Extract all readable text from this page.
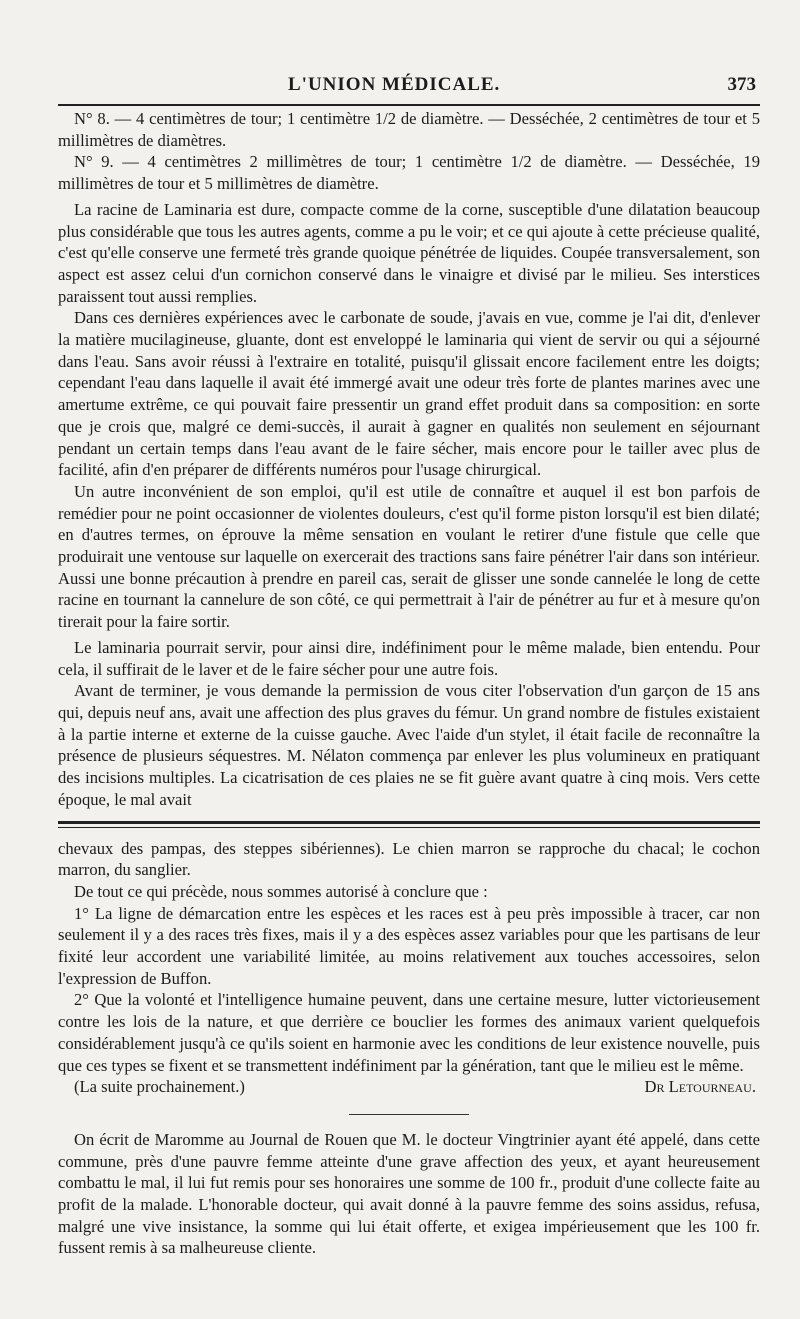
L'UNION MÉDICALE.	373

N° 8. — 4 centimètres de tour; 1 centimètre 1/2 de diamètre. — Desséchée, 2 centimètres de tour et 5 millimètres de diamètres.

N° 9. — 4 centimètres 2 millimètres de tour; 1 centimètre 1/2 de diamètre. — Desséchée, 19 millimètres de tour et 5 millimètres de diamètre.

La racine de Laminaria est dure, compacte comme de la corne, susceptible d'une dilatation beaucoup plus considérable que tous les autres agents, comme a pu le voir; et ce qui ajoute à cette précieuse qualité, c'est qu'elle conserve une fermeté très grande quoique pénétrée de liquides. Coupée transversalement, son aspect est assez celui d'un cornichon conservé dans le vinaigre et divisé par le milieu. Ses interstices paraissent tout aussi remplies.

Dans ces dernières expériences avec le carbonate de soude, j'avais en vue, comme je l'ai dit, d'enlever la matière mucilagineuse, gluante, dont est enveloppé le laminaria qui vient de servir ou qui a séjourné dans l'eau. Sans avoir réussi à l'extraire en totalité, puisqu'il glissait encore facilement entre les doigts; cependant l'eau dans laquelle il avait été immergé avait une odeur très forte de plantes marines avec une amertume extrême, ce qui pouvait faire pressentir un grand effet produit dans sa composition: en sorte que je crois que, malgré ce demi-succès, il aurait à gagner en qualités non seulement en séjournant pendant un certain temps dans l'eau avant de le faire sécher, mais encore pour le tailler avec plus de facilité, afin d'en préparer de différents numéros pour l'usage chirurgical.

Un autre inconvénient de son emploi, qu'il est utile de connaître et auquel il est bon parfois de remédier pour ne point occasionner de violentes douleurs, c'est qu'il forme piston lorsqu'il est bien dilaté; en d'autres termes, on éprouve la même sensation en voulant le retirer d'une fistule que celle que produirait une ventouse sur laquelle on exercerait des tractions sans faire pénétrer l'air dans son intérieur. Aussi une bonne précaution à prendre en pareil cas, serait de glisser une sonde cannelée le long de cette racine en tournant la cannelure de son côté, ce qui permettrait à l'air de pénétrer au fur et à mesure qu'on tirerait pour la faire sortir.

Le laminaria pourrait servir, pour ainsi dire, indéfiniment pour le même malade, bien entendu. Pour cela, il suffirait de le laver et de le faire sécher pour une autre fois.

Avant de terminer, je vous demande la permission de vous citer l'observation d'un garçon de 15 ans qui, depuis neuf ans, avait une affection des plus graves du fémur. Un grand nombre de fistules existaient à la partie interne et externe de la cuisse gauche. Avec l'aide d'un stylet, il était facile de reconnaître la présence de plusieurs séquestres. M. Nélaton commença par enlever les plus volumineux en pratiquant des incisions multiples. La cicatrisation de ces plaies ne se fit guère avant quatre à cinq mois. Vers cette époque, le mal avait

chevaux des pampas, des steppes sibériennes). Le chien marron se rapproche du chacal; le cochon marron, du sanglier.

De tout ce qui précède, nous sommes autorisé à conclure que :

1° La ligne de démarcation entre les espèces et les races est à peu près impossible à tracer, car non seulement il y a des races très fixes, mais il y a des espèces assez variables pour que les partisans de leur fixité leur accordent une variabilité limitée, au moins relativement aux touches accessoires, selon l'expression de Buffon.

2° Que la volonté et l'intelligence humaine peuvent, dans une certaine mesure, lutter victorieusement contre les lois de la nature, et que derrière ce bouclier les formes des animaux varient quelquefois considérablement jusqu'à ce qu'ils soient en harmonie avec les conditions de leur existence nouvelle, puis que ces types se fixent et se transmettent indéfiniment par la génération, tant que le milieu est le même.

(La suite prochainement.)	Dr Letourneau.

On écrit de Maromme au Journal de Rouen que M. le docteur Vingtrinier ayant été appelé, dans cette commune, près d'une pauvre femme atteinte d'une grave affection des yeux, et ayant heureusement combattu le mal, il lui fut remis pour ses honoraires une somme de 100 fr., produit d'une collecte faite au profit de la malade. L'honorable docteur, qui avait donné à la pauvre femme des soins assidus, refusa, malgré une vive insistance, la somme qui lui était offerte, et exigea impérieusement que les 100 fr. fussent remis à sa malheureuse cliente.
